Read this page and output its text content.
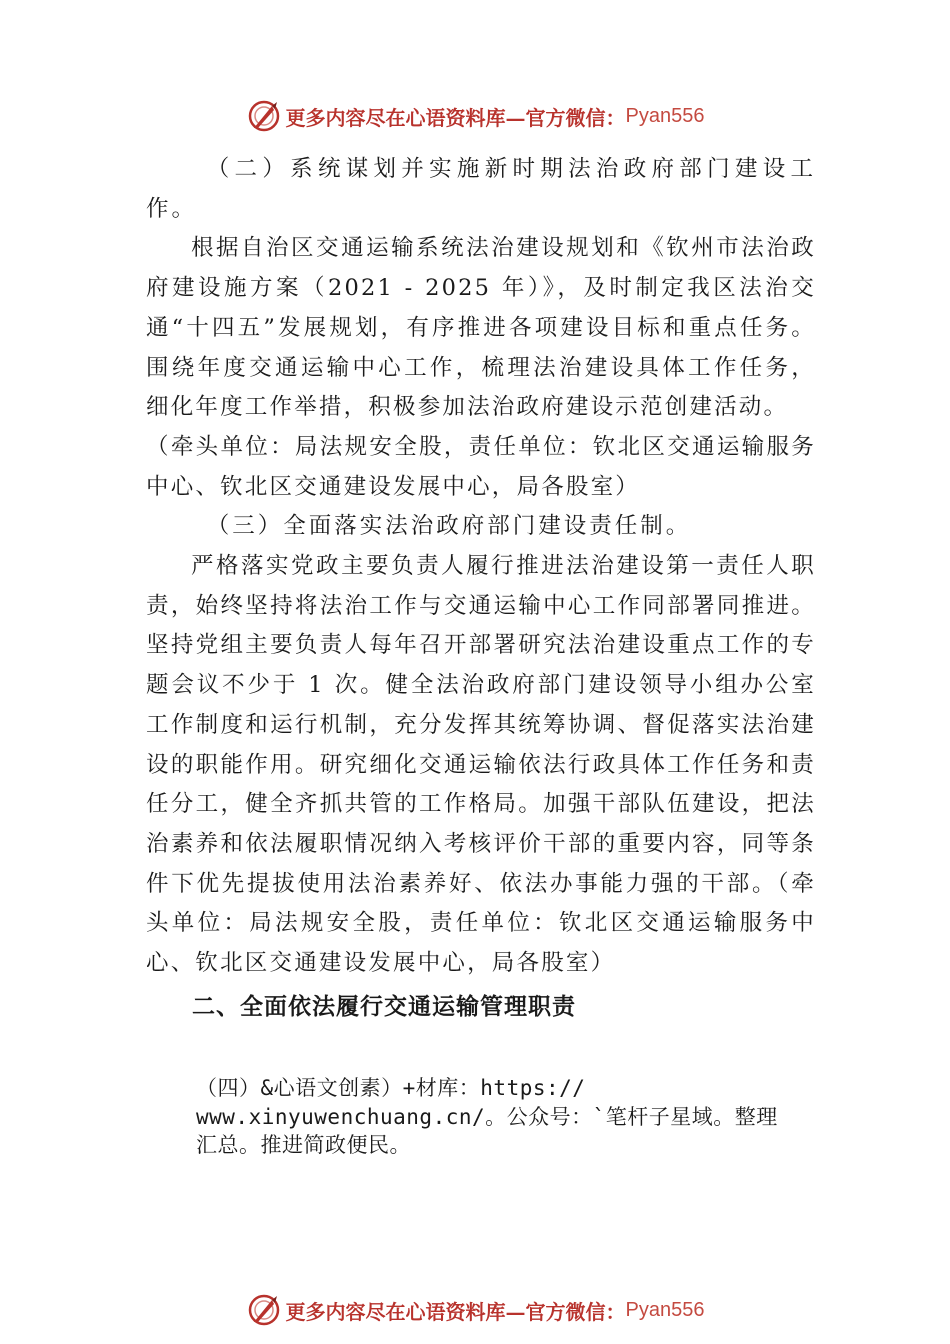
更多内容尽在心语资料库—官方微信： Pyan556

（二）系统谋划并实施新时期法治政府部门建设工作。

根据自治区交通运输系统法治建设规划和《钦州市法治政府建设施方案（2021 - 2025 年）》，及时制定我区法治交通“十四五”发展规划，有序推进各项建设目标和重点任务。 围绕年度交通运输中心工作，梳理法治建设具体工作任务， 细化年度工作举措，积极参加法治政府建设示范创建活动。

（牵头单位：局法规安全股，责任单位：钦北区交通运输服务中心、钦北区交通建设发展中心，局各股室）

（三）全面落实法治政府部门建设责任制。

严格落实党政主要负责人履行推进法治建设第一责任人职责，始终坚持将法治工作与交通运输中心工作同部署同推进。坚持党组主要负责人每年召开部署研究法治建设重点工作的专题会议不少于 1 次。健全法治政府部门建设领导小组办公室工作制度和运行机制，充分发挥其统筹协调、督促落实法治建设的职能作用。研究细化交通运输依法行政具体工作任务和责任分工，健全齐抓共管的工作格局。加强干部队伍建设，把法治素养和依法履职情况纳入考核评价干部的重要内容，同等条件下优先提拔使用法治素养好、依法办事能力强的干部。（牵头单位：局法规安全股，责任单位：钦北区交通运输服务中心、钦北区交通建设发展中心，局各股室）

二、全面依法履行交通运输管理职责

（四）&心语文创素）+材库：https://
www.xinyuwenchuang.cn/。公众号：`笔杆子星域。整理
汇总。推进简政便民。
更多内容尽在心语资料库—官方微信： Pyan556
